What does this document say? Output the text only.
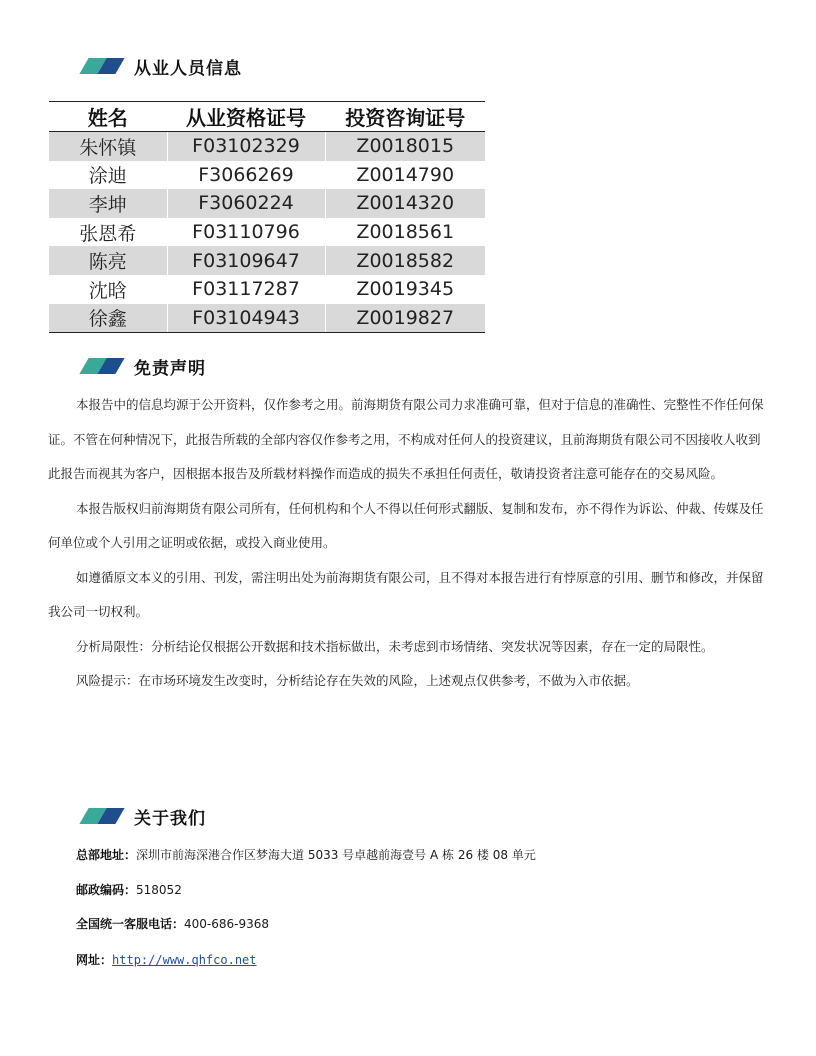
从业人员信息
姓名	从业资格证号	投资咨询证号
朱怀镇	F03102329	Z0018015
涂迪	F3066269	Z0014790
李坤	F3060224	Z0014320
张恩希	F03110796	Z0018561
陈亮	F03109647	Z0018582
沈晗	F03117287	Z0019345
徐鑫	F03104943	Z0019827
免责声明

本报告中的信息均源于公开资料，仅作参考之用。前海期货有限公司力求准确可靠，但对于信息的准确性、完整性不作任何保证。不管在何种情况下，此报告所载的全部内容仅作参考之用，不构成对任何人的投资建议，且前海期货有限公司不因接收人收到此报告而视其为客户，因根据本报告及所载材料操作而造成的损失不承担任何责任，敬请投资者注意可能存在的交易风险。

本报告版权归前海期货有限公司所有，任何机构和个人不得以任何形式翻版、复制和发布，亦不得作为诉讼、仲裁、传媒及任何单位或个人引用之证明或依据，或投入商业使用。

如遵循原文本义的引用、刊发，需注明出处为前海期货有限公司，且不得对本报告进行有悖原意的引用、删节和修改，并保留我公司一切权利。

分析局限性：分析结论仅根据公开数据和技术指标做出，未考虑到市场情绪、突发状况等因素，存在一定的局限性。

风险提示：在市场环境发生改变时，分析结论存在失效的风险，上述观点仅供参考，不做为入市依据。

关于我们
总部地址：深圳市前海深港合作区梦海大道 5033 号卓越前海壹号 A 栋 26 楼 08 单元
邮政编码：518052
全国统一客服电话：400-686-9368
网址：http://www.qhfco.net
